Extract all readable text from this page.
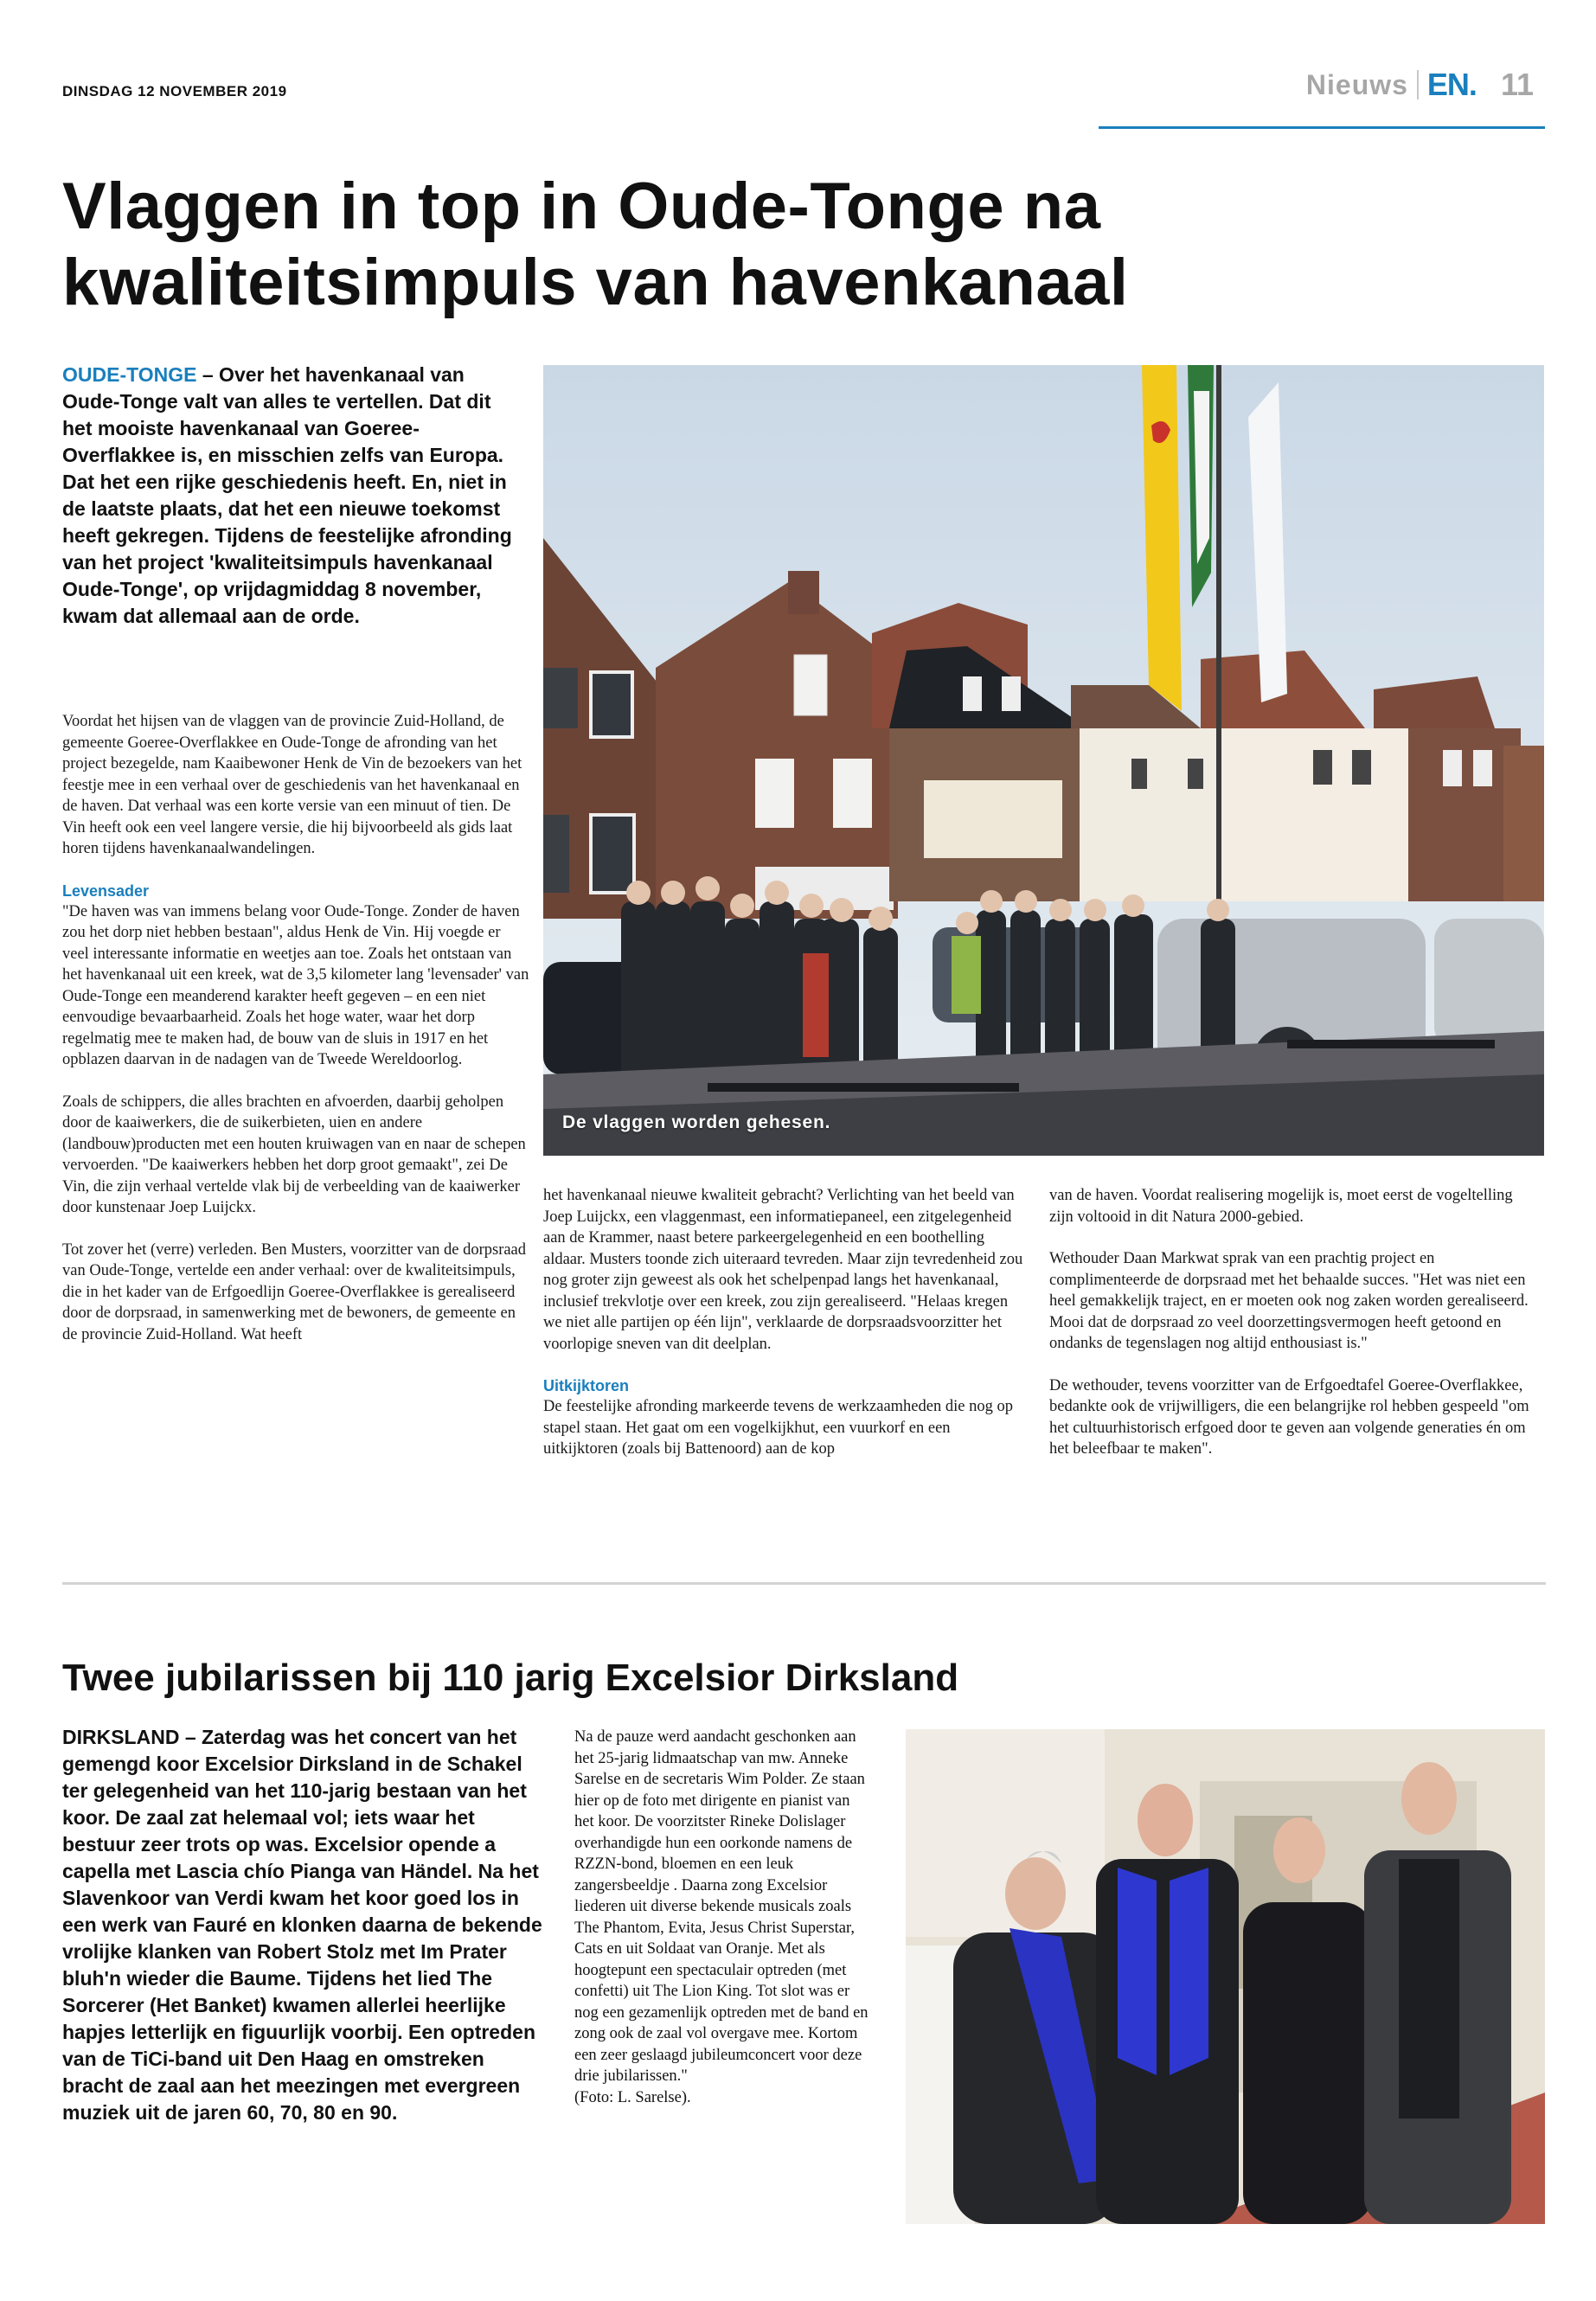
DINSDAG 12 NOVEMBER 2019	Nieuws EN. 11
Vlaggen in top in Oude-Tonge na kwaliteitsimpuls van havenkanaal
OUDE-TONGE – Over het havenkanaal van Oude-Tonge valt van alles te vertellen. Dat dit het mooiste havenkanaal van Goeree-Overflakkee is, en misschien zelfs van Europa. Dat het een rijke geschiedenis heeft. En, niet in de laatste plaats, dat het een nieuwe toekomst heeft gekregen. Tijdens de feestelijke afronding van het project 'kwaliteitsimpuls havenkanaal Oude-Tonge', op vrijdagmiddag 8 november, kwam dat allemaal aan de orde.
De vlaggen worden gehesen.

Voordat het hijsen van de vlaggen van de provincie Zuid-Holland, de gemeente Goeree-Overflakkee en Oude-Tonge de afronding van het project bezegelde, nam Kaaibewoner Henk de Vin de bezoekers van het feestje mee in een verhaal over de geschiedenis van het havenkanaal en de haven. Dat verhaal was een korte versie van een minuut of tien. De Vin heeft ook een veel langere versie, die hij bijvoorbeeld als gids laat horen tijdens havenkanaalwandelingen.

Levensader

"De haven was van immens belang voor Oude-Tonge. Zonder de haven zou het dorp niet hebben bestaan", aldus Henk de Vin. Hij voegde er veel interessante informatie en weetjes aan toe. Zoals het ontstaan van het havenkanaal uit een kreek, wat de 3,5 kilometer lang 'levensader' van Oude-Tonge een meanderend karakter heeft gegeven – en een niet eenvoudige bevaarbaarheid. Zoals het hoge water, waar het dorp regelmatig mee te maken had, de bouw van de sluis in 1917 en het opblazen daarvan in de nadagen van de Tweede Wereldoorlog.

Zoals de schippers, die alles brachten en afvoerden, daarbij geholpen door de kaaiwerkers, die de suikerbieten, uien en andere (landbouw)producten met een houten kruiwagen van en naar de schepen vervoerden. "De kaaiwerkers hebben het dorp groot gemaakt", zei De Vin, die zijn verhaal vertelde vlak bij de verbeelding van de kaaiwerker door kunstenaar Joep Luijckx.

Tot zover het (verre) verleden. Ben Musters, voorzitter van de dorpsraad van Oude-Tonge, vertelde een ander verhaal: over de kwaliteitsimpuls, die in het kader van de Erfgoedlijn Goeree-Overflakkee is gerealiseerd door de dorpsraad, in samenwerking met de bewoners, de gemeente en de provincie Zuid-Holland. Wat heeft

het havenkanaal nieuwe kwaliteit gebracht? Verlichting van het beeld van Joep Luijckx, een vlaggenmast, een informatiepaneel, een zitgelegenheid aan de Krammer, naast betere parkeergelegenheid en een boothelling aldaar. Musters toonde zich uiteraard tevreden. Maar zijn tevredenheid zou nog groter zijn geweest als ook het schelpenpad langs het havenkanaal, inclusief trekvlotje over een kreek, zou zijn gerealiseerd. "Helaas kregen we niet alle partijen op één lijn", verklaarde de dorpsraadsvoorzitter het voorlopige sneven van dit deelplan.

Uitkijktoren

De feestelijke afronding markeerde tevens de werkzaamheden die nog op stapel staan. Het gaat om een vogelkijkhut, een vuurkorf en een uitkijktoren (zoals bij Battenoord) aan de kop

van de haven. Voordat realisering mogelijk is, moet eerst de vogeltelling zijn voltooid in dit Natura 2000-gebied.

Wethouder Daan Markwat sprak van een prachtig project en complimenteerde de dorpsraad met het behaalde succes. "Het was niet een heel gemakkelijk traject, en er moeten ook nog zaken worden gerealiseerd. Mooi dat de dorpsraad zo veel doorzettingsvermogen heeft getoond en ondanks de tegenslagen nog altijd enthousiast is."

De wethouder, tevens voorzitter van de Erfgoedtafel Goeree-Overflakkee, bedankte ook de vrijwilligers, die een belangrijke rol hebben gespeeld "om het cultuurhistorisch erfgoed door te geven aan volgende generaties én om het beleefbaar te maken".

Twee jubilarissen bij 110 jarig Excelsior Dirksland
DIRKSLAND – Zaterdag was het concert van het gemengd koor Excelsior Dirksland in de Schakel ter gelegenheid van het 110-jarig bestaan van het koor. De zaal zat helemaal vol; iets waar het bestuur zeer trots op was. Excelsior opende a capella met Lascia chío Pianga van Händel. Na het Slavenkoor van Verdi kwam het koor goed los in een werk van Fauré en klonken daarna de bekende vrolijke klanken van Robert Stolz met Im Prater bluh'n wieder die Baume. Tijdens het lied The Sorcerer (Het Banket) kwamen allerlei heerlijke hapjes letterlijk en figuurlijk voorbij. Een optreden van de TiCi-band uit Den Haag en omstreken bracht de zaal aan het meezingen met evergreen muziek uit de jaren 60, 70, 80 en 90.
Na de pauze werd aandacht geschonken aan het 25-jarig lidmaatschap van mw. Anneke Sarelse en de secretaris Wim Polder. Ze staan hier op de foto met dirigente en pianist van het koor. De voorzitster Rineke Dolislager overhandigde hun een oorkonde namens de RZZN-bond, bloemen en een leuk zangersbeeldje . Daarna zong Excelsior liederen uit diverse bekende musicals zoals The Phantom, Evita, Jesus Christ Superstar, Cats en uit Soldaat van Oranje. Met als hoogtepunt een spectaculair optreden (met confetti) uit The Lion King. Tot slot was er nog een gezamenlijk optreden met de band en zong ook de zaal vol overgave mee. Kortom een zeer geslaagd jubileumconcert voor deze drie jubilarissen."
(Foto: L. Sarelse).
